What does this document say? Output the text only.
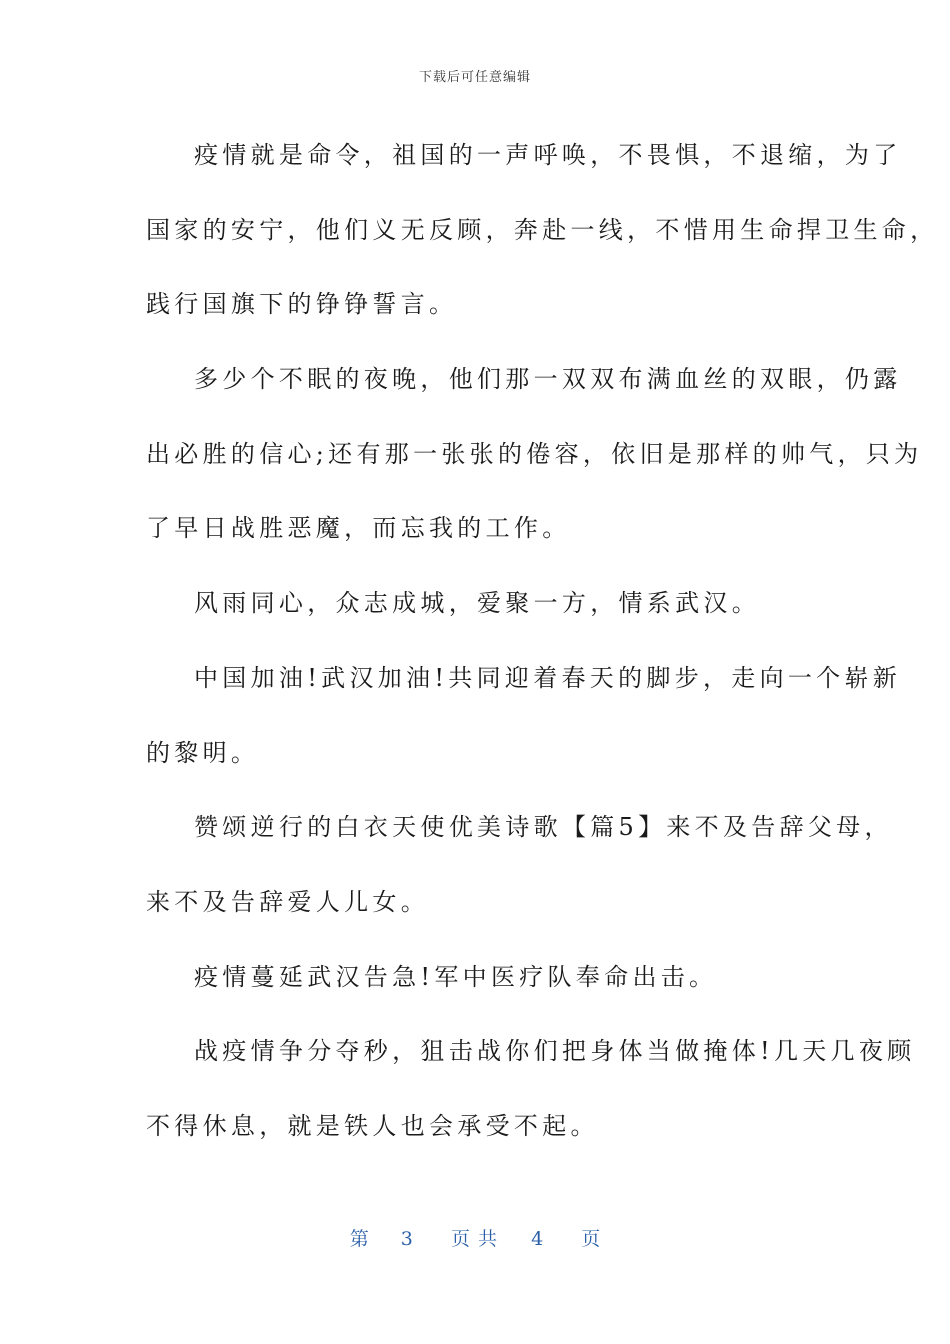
下载后可任意编辑
疫情就是命令，祖国的一声呼唤，不畏惧，不退缩，为了
国家的安宁，他们义无反顾，奔赴一线，不惜用生命捍卫生命，
践行国旗下的铮铮誓言。
多少个不眠的夜晚，他们那一双双布满血丝的双眼，仍露
出必胜的信心;还有那一张张的倦容，依旧是那样的帅气，只为
了早日战胜恶魔，而忘我的工作。
风雨同心，众志成城，爱聚一方，情系武汉。
中国加油!武汉加油!共同迎着春天的脚步，走向一个崭新
的黎明。
赞颂逆行的白衣天使优美诗歌【篇5】来不及告辞父母，
来不及告辞爱人儿女。
疫情蔓延武汉告急!军中医疗队奉命出击。
战疫情争分夺秒，狙击战你们把身体当做掩体!几天几夜顾
不得休息，就是铁人也会承受不起。
第 3 页共 4 页
